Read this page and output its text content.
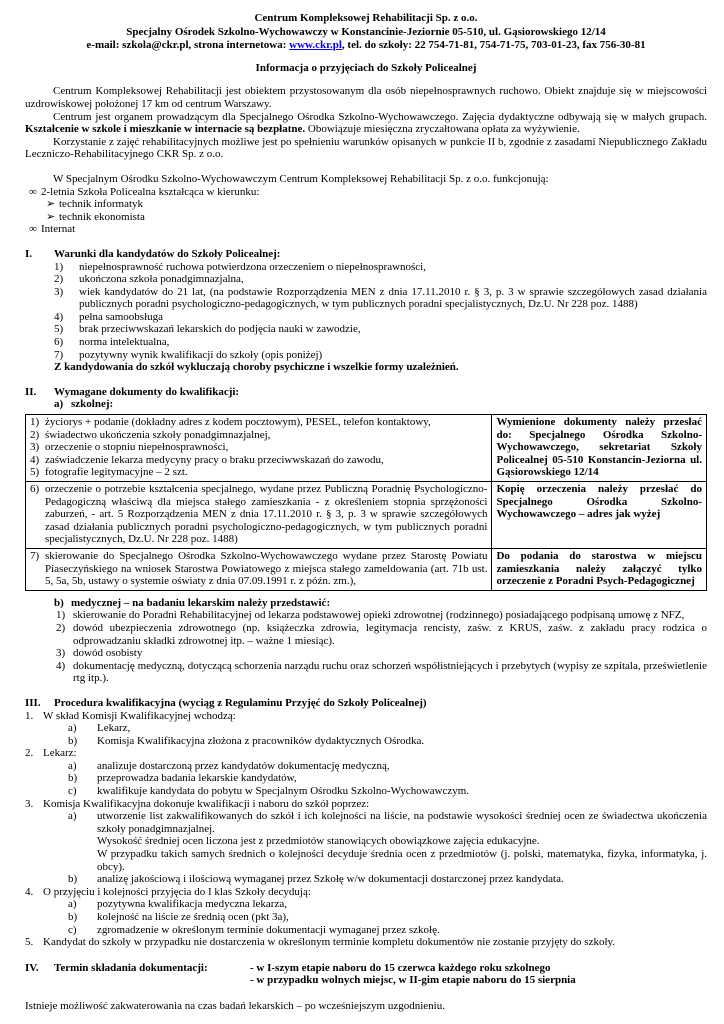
Centrum Kompleksowej Rehabilitacji Sp. z o.o.
Specjalny Ośrodek Szkolno-Wychowawczy w Konstancinie-Jeziornie 05-510, ul. Gąsiorowskiego 12/14
e-mail: szkola@ckr.pl, strona internetowa: www.ckr.pl, tel. do szkoły: 22 754-71-81, 754-71-75, 703-01-23, fax 756-30-81
Informacja o przyjęciach do Szkoły Policealnej

Centrum Kompleksowej Rehabilitacji jest obiektem przystosowanym dla osób niepełnosprawnych ruchowo. Obiekt znajduje się w miejscowości uzdrowiskowej położonej 17 km od centrum Warszawy.

Centrum jest organem prowadzącym dla Specjalnego Ośrodka Szkolno-Wychowawczego. Zajęcia dydaktyczne odbywają się w małych grupach. Kształcenie w szkole i mieszkanie w internacie są bezpłatne. Obowiązuje miesięczna zryczałtowana opłata za wyżywienie.

Korzystanie z zajęć rehabilitacyjnych możliwe jest po spełnieniu warunków opisanych w punkcie II b, zgodnie z zasadami Niepublicznego Zakładu Leczniczo-Rehabilitacyjnego CKR Sp. z o.o.

W Specjalnym Ośrodku Szkolno-Wychowawczym Centrum Kompleksowej Rehabilitacji Sp. z o.o. funkcjonują:

∞ 2-letnia Szkoła Policealna kształcąca w kierunku:
➢ technik informatyk
➢ technik ekonomista
∞ Internat
I.	Warunki dla kandydatów do Szkoły Policealnej:
1)	niepełnosprawność ruchowa potwierdzona orzeczeniem o niepełnosprawności,
2)	ukończona szkoła ponadgimnazjalna,
3)	wiek kandydatów do 21 lat, (na podstawie Rozporządzenia MEN z dnia 17.11.2010 r. § 3, p. 3 w sprawie szczegółowych zasad działania publicznych poradni psychologiczno-pedagogicznych, w tym publicznych poradni specjalistycznych, Dz.U. Nr 228 poz. 1488)
4)	pełna samoobsługa
5)	brak przeciwwskazań lekarskich do podjęcia nauki w zawodzie,
6)	norma intelektualna,
7)	pozytywny wynik kwalifikacji do szkoły (opis poniżej)
Z kandydowania do szkół wykluczają choroby psychiczne i wszelkie formy uzależnień.
II.	Wymagane dokumenty do kwalifikacji:
a) szkolnej:
1) życiorys + podanie (dokładny adres z kodem pocztowym), PESEL, telefon kontaktowy,
2) świadectwo ukończenia szkoły ponadgimnazjalnej,
3) orzeczenie o stopniu niepełnosprawności,
4) zaświadczenie lekarza medycyny pracy o braku przeciwwskazań do zawodu,
5) fotografie legitymacyjne – 2 szt.
	Wymienione dokumenty należy przesłać do: Specjalnego Ośrodka Szkolno-Wychowawczego, sekretariat Szkoły Policealnej 05-510 Konstancin-Jeziorna ul. Gąsiorowskiego 12/14

6) orzeczenie o potrzebie kształcenia specjalnego, wydane przez Publiczną Poradnię Psychologiczno-Pedagogiczną właściwą dla miejsca stałego zamieszkania - z określeniem stopnia sprzężoności zaburzeń, - art. 5 Rozporządzenia MEN z dnia 17.11.2010 r. § 3, p. 3 w sprawie szczegółowych zasad działania publicznych poradni psychologiczno-pedagogicznych, w tym publicznych poradni specjalistycznych, Dz.U. Nr 228 poz. 1488)	Kopię orzeczenia należy przesłać do Specjalnego Ośrodka Szkolno-Wychowawczego – adres jak wyżej

7) skierowanie do Specjalnego Ośrodka Szkolno-Wychowawczego wydane przez Starostę Powiatu Piaseczyńskiego na wniosek Starostwa Powiatowego z miejsca stałego zameldowania (art. 71b ust. 5, 5a, 5b, ustawy o systemie oświaty z dnia 07.09.1991 r. z późn. zm.),	Do podania do starostwa w miejscu zamieszkania należy załączyć tylko orzeczenie z Poradni Psych-Pedagogicznej
b) medycznej – na badaniu lekarskim należy przedstawić:
1) skierowanie do Poradni Rehabilitacyjnej od lekarza podstawowej opieki zdrowotnej (rodzinnego) posiadającego podpisaną umowę z NFZ,
2) dowód ubezpieczenia zdrowotnego (np. książeczka zdrowia, legitymacja rencisty, zaśw. z KRUS, zaśw. z zakładu pracy rodzica o odprowadzaniu składki zdrowotnej itp. – ważne 1 miesiąc).
3) dowód osobisty
4) dokumentację medyczną, dotyczącą schorzenia narządu ruchu oraz schorzeń współistniejących i przebytych (wypisy ze szpitala, prześwietlenie rtg itp.).
III.	Procedura kwalifikacyjna (wyciąg z Regulaminu Przyjęć do Szkoły Policealnej)
1. W skład Komisji Kwalifikacyjnej wchodzą:
a)	Lekarz,
b)	Komisja Kwalifikacyjna złożona z pracowników dydaktycznych Ośrodka.
2. Lekarz:
a)	analizuje dostarczoną przez kandydatów dokumentację medyczną,
b)	przeprowadza badania lekarskie kandydatów,
c)	kwalifikuje kandydata do pobytu w Specjalnym Ośrodku Szkolno-Wychowawczym.
3. Komisja Kwalifikacyjna dokonuje kwalifikacji i naboru do szkół poprzez:
a)	utworzenie list zakwalifikowanych do szkół i ich kolejności na liście, na podstawie wysokości średniej ocen ze świadectwa ukończenia szkoły ponadgimnazjalnej.

Wysokość średniej ocen liczona jest z przedmiotów stanowiących obowiązkowe zajęcia edukacyjne.

W przypadku takich samych średnich o kolejności decyduje średnia ocen z przedmiotów (j. polski, matematyka, fizyka, informatyka, j. obcy).

b)	analizę jakościową i ilościową wymaganej przez Szkołę w/w dokumentacji dostarczonej przez kandydata.
4. O przyjęciu i kolejności przyjęcia do I klas Szkoły decydują:
a)	pozytywna kwalifikacja medyczna lekarza,
b)	kolejność na liście ze średnią ocen (pkt 3a),
c)	zgromadzenie w określonym terminie dokumentacji wymaganej przez szkołę.
5. Kandydat do szkoły w przypadku nie dostarczenia w określonym terminie kompletu dokumentów nie zostanie przyjęty do szkoły.
IV.	Termin składania dokumentacji:	- w I-szym etapie naboru do 15 czerwca każdego roku szkolnego
- w przypadku wolnych miejsc, w II-gim etapie naboru do 15 sierpnia

Istnieje możliwość zakwaterowania na czas badań lekarskich – po wcześniejszym uzgodnieniu.
